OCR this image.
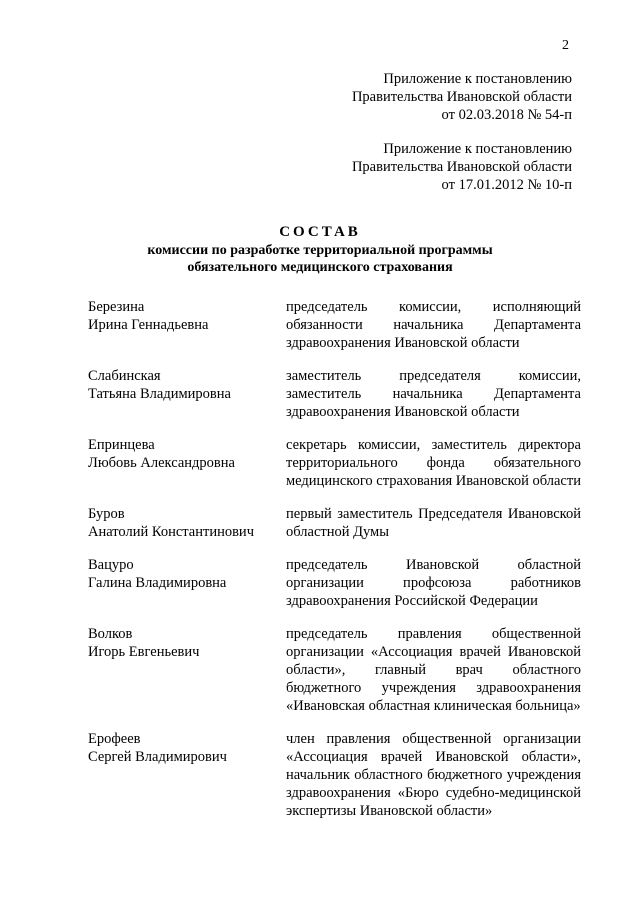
2
Приложение к постановлению
Правительства Ивановской области
от 02.03.2018 № 54-п
Приложение к постановлению
Правительства Ивановской области
от 17.01.2012 № 10-п
СОСТАВ
комиссии по разработке территориальной программы
обязательного медицинского страхования
Березина
Ирина Геннадьевна
председатель комиссии, исполняющий обязанности начальника Департамента здравоохранения Ивановской области
Слабинская
Татьяна Владимировна
заместитель председателя комиссии, заместитель начальника Департамента здравоохранения Ивановской области
Епринцева
Любовь Александровна
секретарь комиссии, заместитель директора территориального фонда обязательного медицинского страхования Ивановской области
Буров
Анатолий Константинович
первый заместитель Председателя Ивановской областной Думы
Вацуро
Галина Владимировна
председатель Ивановской областной организации профсоюза работников здравоохранения Российской Федерации
Волков
Игорь Евгеньевич
председатель правления общественной организации «Ассоциация врачей Ивановской области», главный врач областного бюджетного учреждения здравоохранения «Ивановская областная клиническая больница»
Ерофеев
Сергей Владимирович
член правления общественной организации «Ассоциация врачей Ивановской области», начальник областного бюджетного учреждения здравоохранения «Бюро судебно-медицинской экспертизы Ивановской области»
